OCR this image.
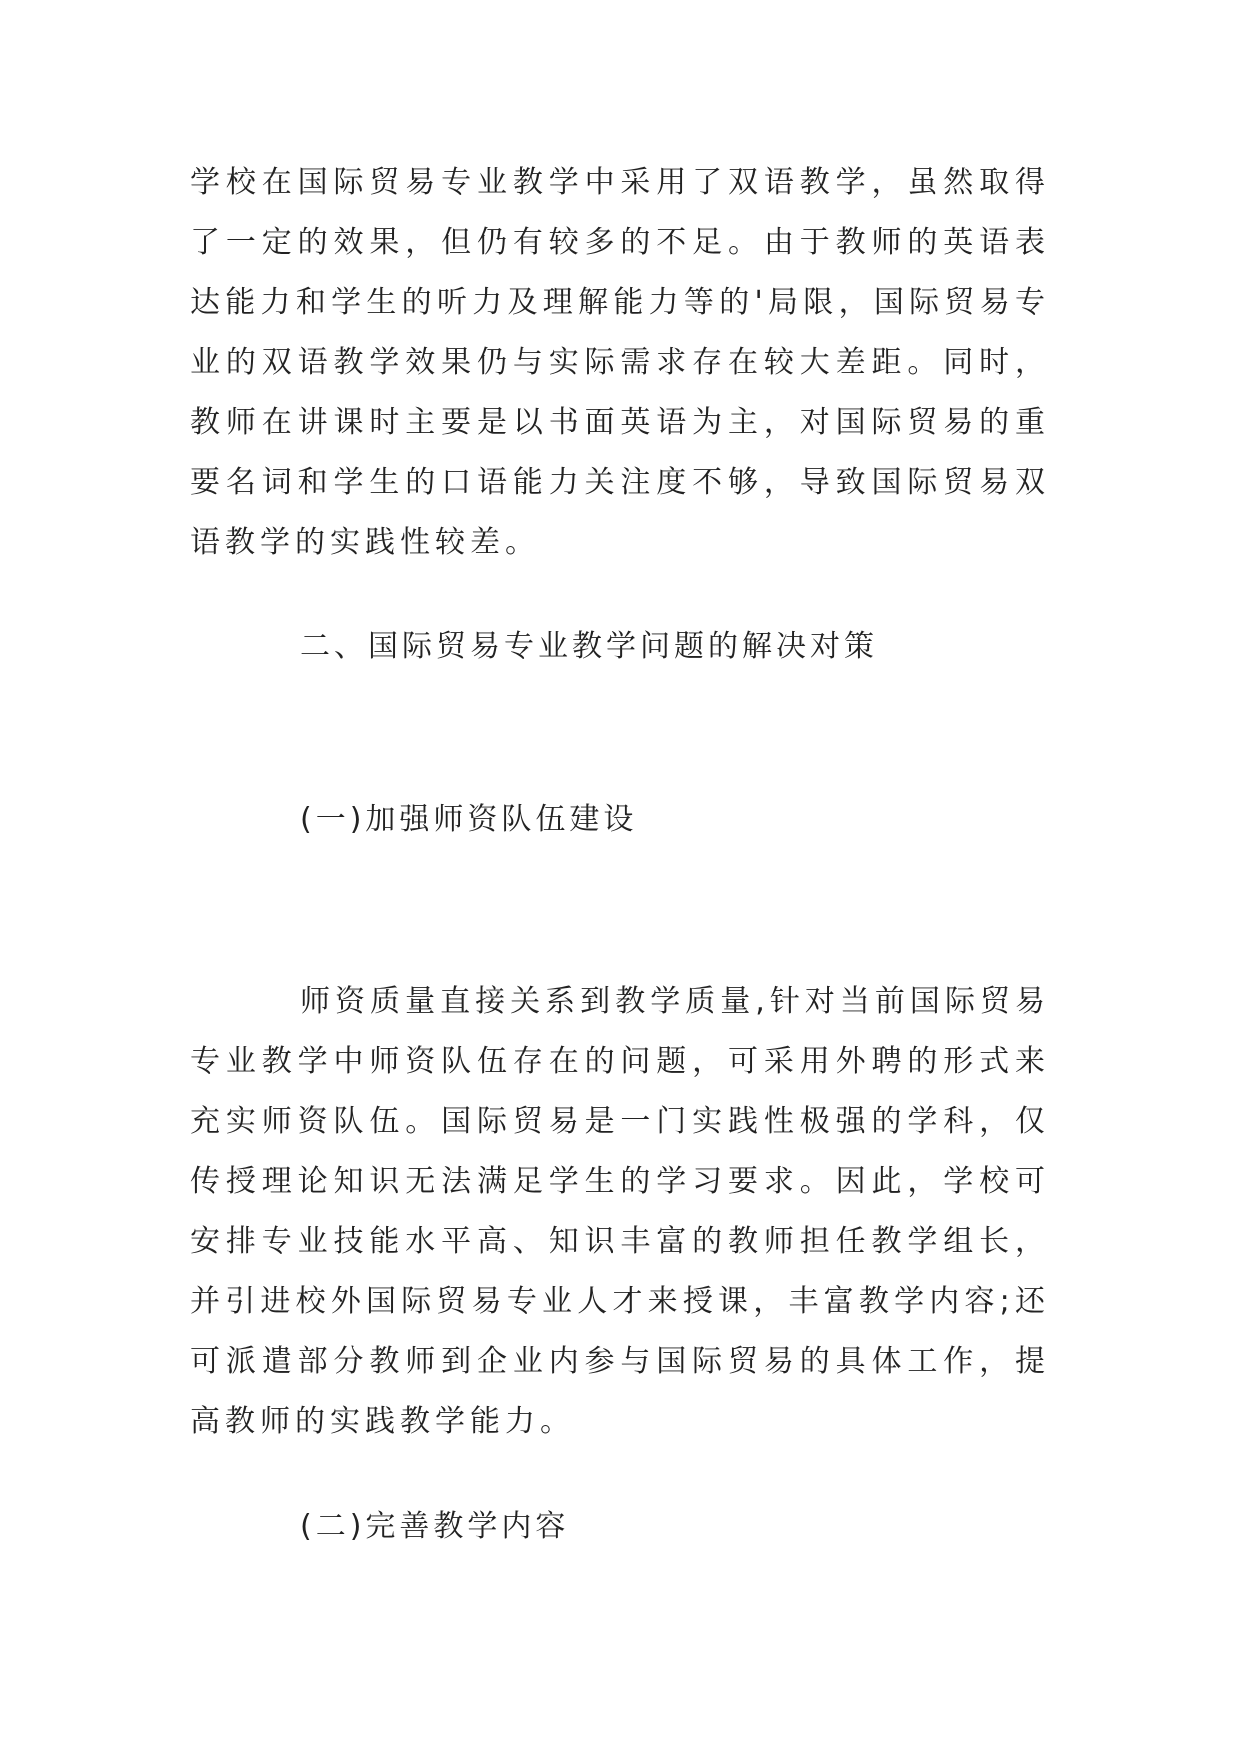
学校在国际贸易专业教学中采用了双语教学，虽然取得了一定的效果，但仍有较多的不足。由于教师的英语表达能力和学生的听力及理解能力等的'局限，国际贸易专业的双语教学效果仍与实际需求存在较大差距。同时，教师在讲课时主要是以书面英语为主，对国际贸易的重要名词和学生的口语能力关注度不够，导致国际贸易双语教学的实践性较差。

二、国际贸易专业教学问题的解决对策
(一)加强师资队伍建设

师资质量直接关系到教学质量,针对当前国际贸易专业教学中师资队伍存在的问题，可采用外聘的形式来充实师资队伍。国际贸易是一门实践性极强的学科，仅传授理论知识无法满足学生的学习要求。因此，学校可安排专业技能水平高、知识丰富的教师担任教学组长，并引进校外国际贸易专业人才来授课，丰富教学内容;还可派遣部分教师到企业内参与国际贸易的具体工作，提高教师的实践教学能力。

(二)完善教学内容
